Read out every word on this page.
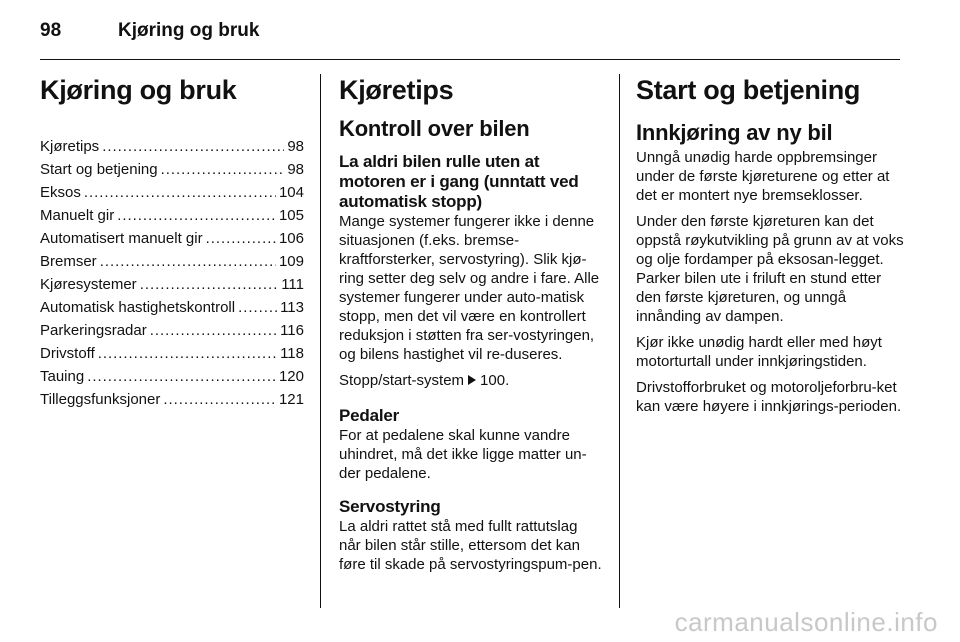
98	Kjøring og bruk
Kjøring og bruk
Kjøretips . . .	98
Start og betjening . . .	98
Eksos . . .	104
Manuelt gir . . .	105
Automatisert manuelt gir . . .	106
Bremser . . .	109
Kjøresystemer . . .	111
Automatisk hastighetskontroll . . .	113
Parkeringsradar . . .	116
Drivstoff . . .	118
Tauing . . .	120
Tilleggsfunksjoner . . .	121
Kjøretips
Kontroll over bilen
La aldri bilen rulle uten at motoren er i gang (unntatt ved automatisk stopp)

Mange systemer fungerer ikke i denne situasjonen (f.eks. bremse-kraftforsterker, servostyring). Slik kjø-ring setter deg selv og andre i fare. Alle systemer fungerer under auto-matisk stopp, men det vil være en kontrollert reduksjon i støtten fra ser-vostyringen, og bilens hastighet vil re-duseres.

Stopp/start-system 100.

Pedaler

For at pedalene skal kunne vandre uhindret, må det ikke ligge matter un-der pedalene.

Servostyring

La aldri rattet stå med fullt rattutslag når bilen står stille, ettersom det kan føre til skade på servostyringspum-pen.

Start og betjening
Innkjøring av ny bil

Unngå unødig harde oppbremsinger under de første kjøreturene og etter at det er montert nye bremseklosser.

Under den første kjøreturen kan det oppstå røykutvikling på grunn av at voks og olje fordamper på eksosan-legget. Parker bilen ute i friluft en stund etter den første kjøreturen, og unngå innånding av dampen.

Kjør ikke unødig hardt eller med høyt motorturtall under innkjøringstiden.

Drivstofforbruket og motoroljeforbru-ket kan være høyere i innkjørings-perioden.

carmanualsonline.info
